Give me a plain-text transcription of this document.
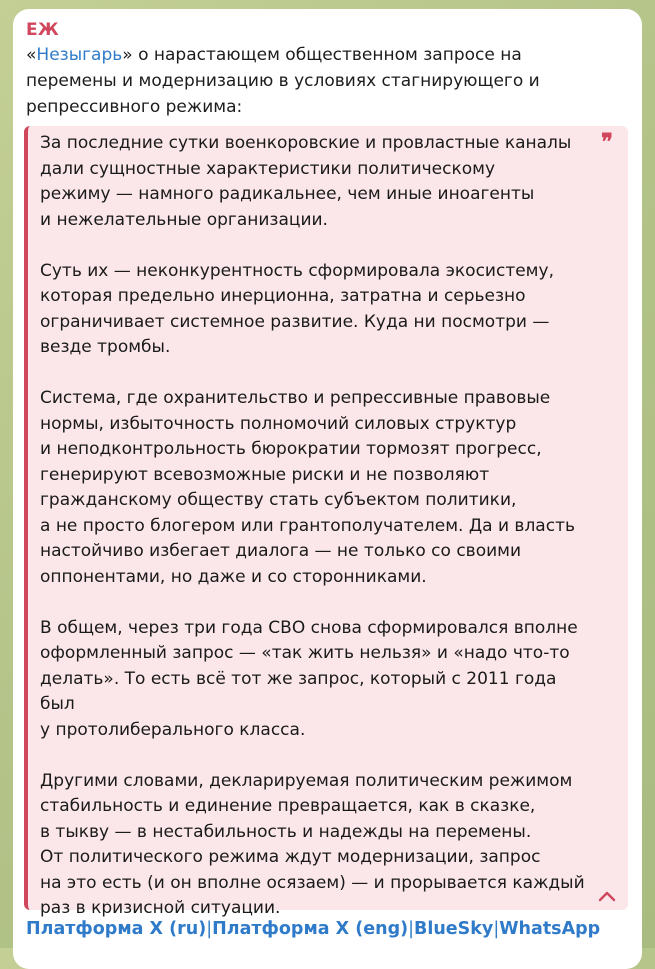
ЕЖ
«Незыгарь» о нарастающем общественном запросе на
перемены и модернизацию в условиях стагнирующего и
репрессивного режима:
❞

За последние сутки военкоровские и провластные каналы
дали сущностные характеристики политическому
режиму — намного радикальнее, чем иные иноагенты
и нежелательные организации.

Суть их — неконкурентность сформировала экосистему,
которая предельно инерционна, затратна и серьезно
ограничивает системное развитие. Куда ни посмотри —
везде тромбы.

Система, где охранительство и репрессивные правовые
нормы, избыточность полномочий силовых структур
и неподконтрольность бюрократии тормозят прогресс,
генерируют всевозможные риски и не позволяют
гражданскому обществу стать субъектом политики,
а не просто блогером или грантополучателем. Да и власть
настойчиво избегает диалога — не только со своими
оппонентами, но даже и со сторонниками.

В общем, через три года СВО снова сформировался вполне
оформленный запрос — «так жить нельзя» и «надо что-то
делать». То есть всё тот же запрос, который с 2011 года был
у протолиберального класса.

Другими словами, декларируемая политическим режимом
стабильность и единение превращается, как в сказке,
в тыкву — в нестабильность и надежды на перемены.
От политического режима ждут модернизации, запрос
на это есть (и он вполне осязаем) — и прорывается каждый
раз в кризисной ситуации.

Платформа X (ru)|Платформа X (eng)|BlueSky|WhatsApp
